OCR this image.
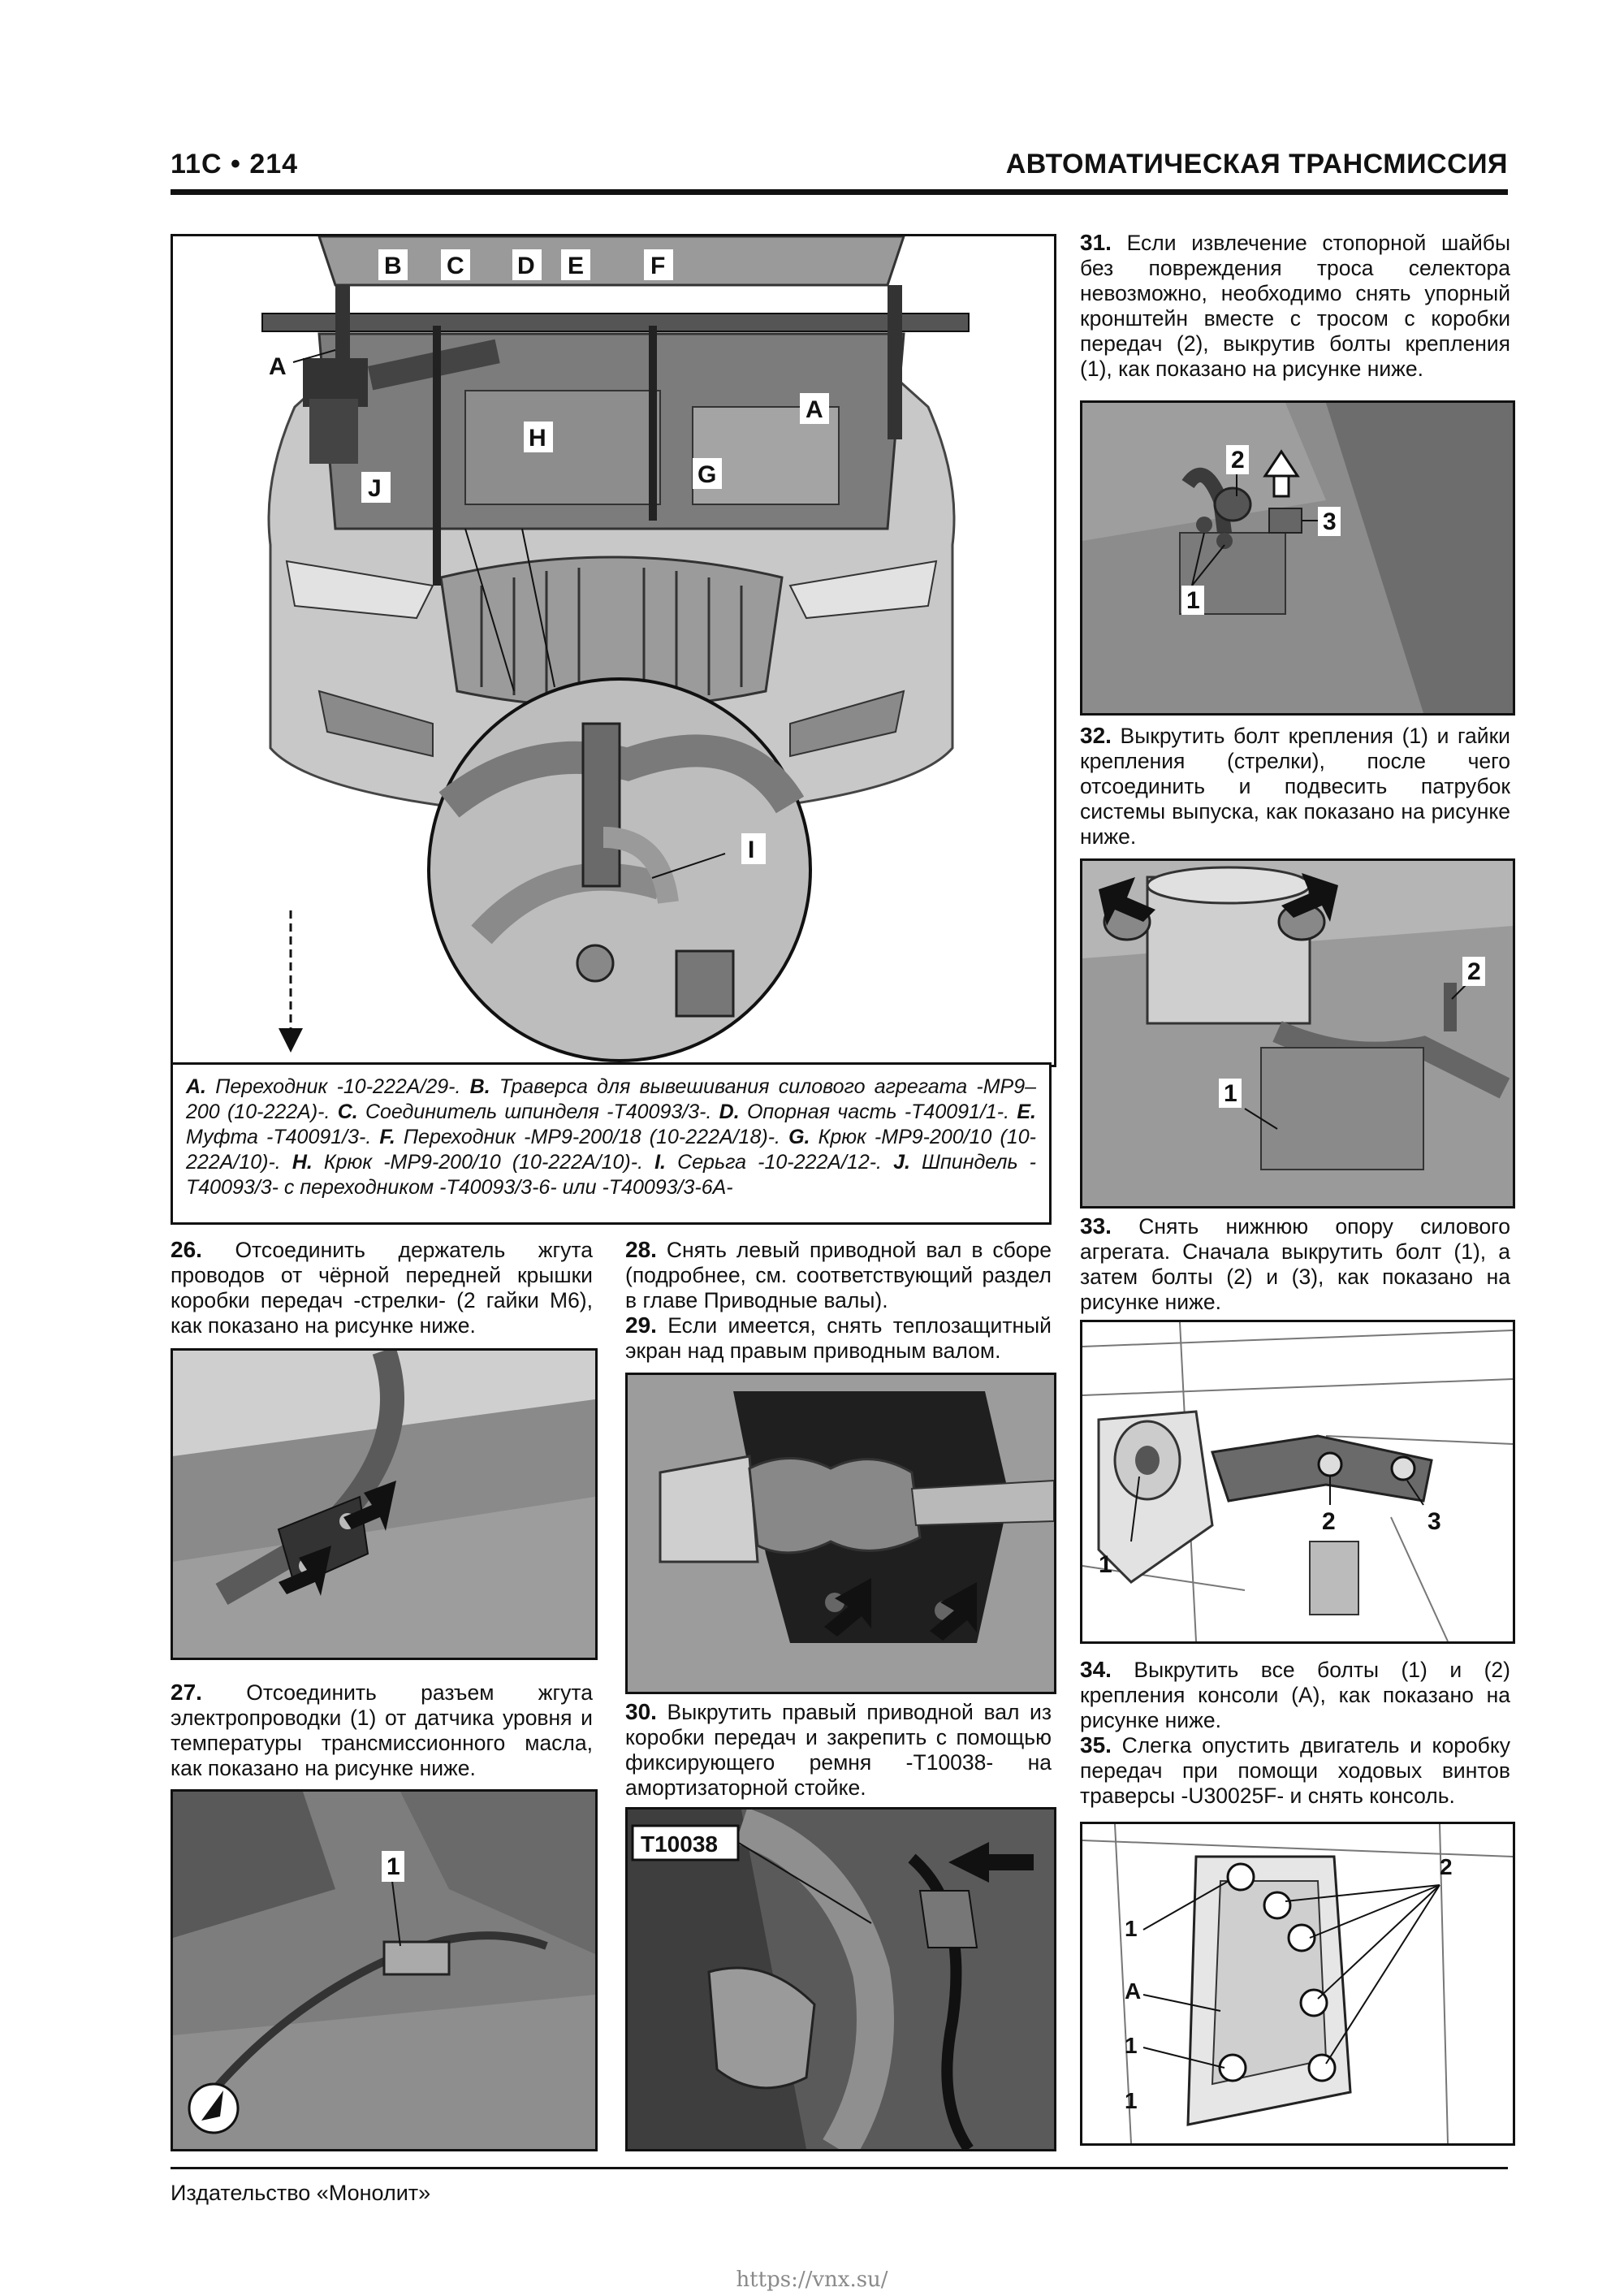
11C • 214	АВТОМАТИЧЕСКАЯ ТРАНСМИССИЯ
B C D E	F
A
A
H
G
J
I
A. Переходник -10-222A/29-. B. Траверса для вывешивания силового агрегата -MP9–200 (10-222A)-. C. Соединитель шпинделя -T40093/3-. D. Опорная часть -T40091/1-. E. Муфта -T40091/3-. F. Переходник -MP9-200/18 (10-222A/18)-. G. Крюк -MP9-200/10 (10-222A/10)-. H. Крюк -MP9-200/10 (10-222A/10)-. I. Серьга -10-222A/12-. J. Шпиндель -T40093/3- с переходником -T40093/3-6- или -T40093/3-6A-
31. Если извлечение стопорной шайбы без повреждения троса селектора невозможно, необходимо снять упорный кронштейн вместе с тросом с коробки передач (2), выкрутив болты крепления (1), как показано на рисунке ниже.
2
3
1
32. Выкрутить болт крепления (1) и гайки крепления (стрелки), после чего отсоединить и подвесить патрубок системы выпуска, как показано на рисунке ниже.
2
1
33. Снять нижнюю опору силового агрегата. Сначала выкрутить болт (1), а затем болты (2) и (3), как показано на рисунке ниже.
1
2	3
34. Выкрутить все болты (1) и (2) крепления консоли (A), как показано на рисунке ниже.
35. Слегка опустить двигатель и коробку передач при помощи ходовых винтов траверсы -U30025F- и снять консоль.
2
1
A
1
1
26. Отсоединить держатель жгута проводов от чёрной передней крышки коробки передач -стрелки- (2 гайки M6), как показано на рисунке ниже.
27. Отсоединить разъем жгута электропроводки (1) от датчика уровня и температуры трансмиссионного масла, как показано на рисунке ниже.
1
28. Снять левый приводной вал в сборе (подробнее, см. соответствующий раздел в главе Приводные валы).
29. Если имеется, снять теплозащитный экран над правым приводным валом.
30. Выкрутить правый приводной вал из коробки передач и закрепить с помощью фиксирующего ремня -T10038- на амортизаторной стойке.
T10038
Издательство «Монолит»
https://vnx.su/
